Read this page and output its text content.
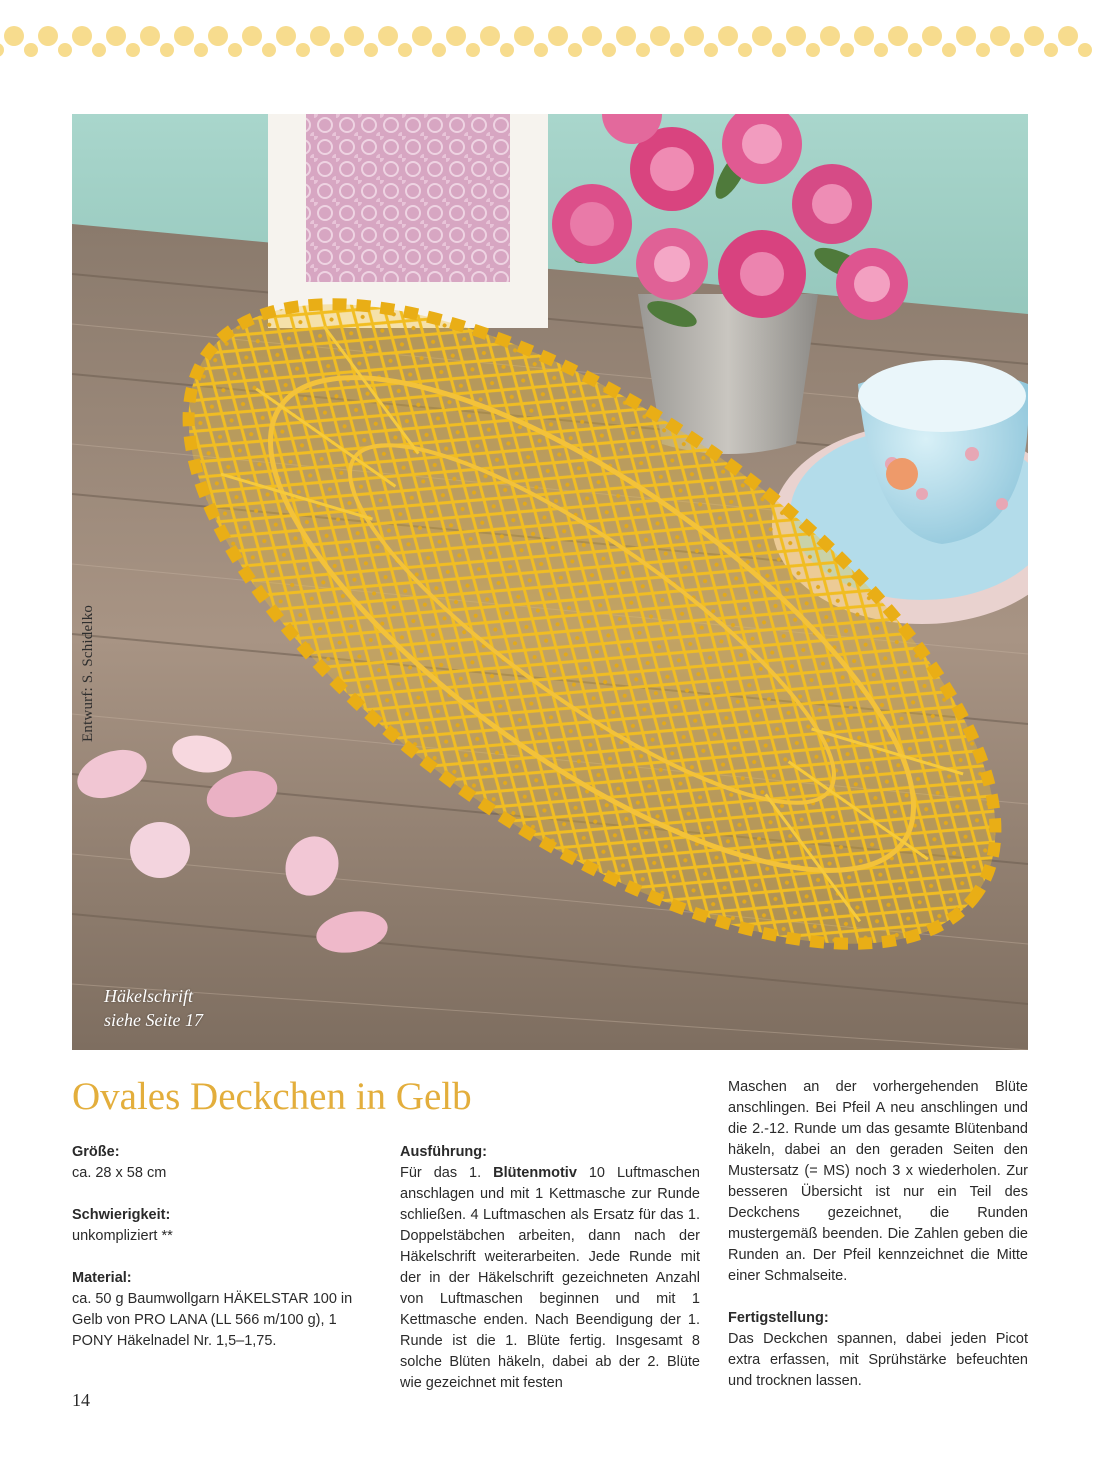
Entwurf: S. Schidelko
Häkelschrift
siehe Seite 17
Ovales Deckchen in Gelb

Größe:

ca. 28 x 58 cm

Schwierigkeit:

unkompliziert **

Material:

ca. 50 g Baumwollgarn HÄKELSTAR 100 in Gelb von PRO LANA (LL 566 m/100 g), 1 PONY Häkelnadel Nr. 1,5–1,75.

Ausführung:

Für das 1. Blütenmotiv 10 Luftmaschen anschlagen und mit 1 Kettmasche zur Runde schließen. 4 Luftmaschen als Ersatz für das 1. Doppelstäbchen arbeiten, dann nach der Häkelschrift weiterarbeiten. Jede Runde mit der in der Häkelschrift gezeichneten Anzahl von Luftmaschen beginnen und mit 1 Kettmasche enden. Nach Beendigung der 1. Runde ist die 1. Blüte fertig. Insgesamt 8 solche Blüten häkeln, dabei ab der 2. Blüte wie gezeichnet mit festen

Maschen an der vorhergehenden Blüte anschlingen. Bei Pfeil A neu anschlingen und die 2.-12. Runde um das gesamte Blütenband häkeln, dabei an den geraden Seiten den Mustersatz (= MS) noch 3 x wiederholen. Zur besseren Übersicht ist nur ein Teil des Deckchens gezeichnet, die Runden mustergemäß beenden. Die Zahlen geben die Runden an. Der Pfeil kennzeichnet die Mitte einer Schmalseite.

Fertigstellung:

Das Deckchen spannen, dabei jeden Picot extra erfassen, mit Sprühstärke befeuchten und trocknen lassen.

14
